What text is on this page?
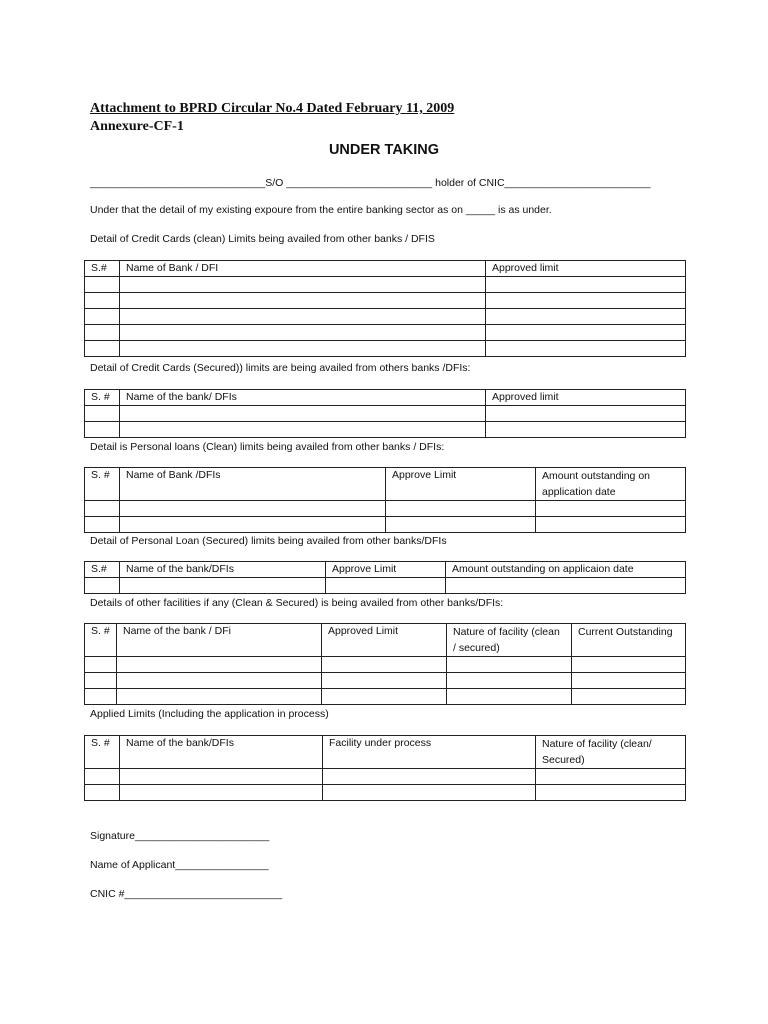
Attachment to BPRD Circular No.4 Dated February 11, 2009
Annexure-CF-1
UNDER TAKING
______________________________S/O _________________________ holder of CNIC_________________________
Under that the detail of my existing expoure from the entire banking sector as on _____ is as under.
Detail of Credit Cards (clean) Limits being availed from other banks / DFIS
S.#	Name of Bank / DFI	Approved limit

Detail of Credit Cards (Secured)) limits are being availed from others banks /DFIs:
S. #	Name of the bank/ DFIs	Approved limit

Detail is Personal loans (Clean) limits being availed from other banks / DFIs:
S. #	Name of Bank /DFIs	Approve Limit	Amount outstanding on application date

Detail of Personal Loan (Secured) limits being availed from other banks/DFIs
S.#	Name of the bank/DFIs	Approve Limit	Amount outstanding on applicaion date

Details of other facilities if any (Clean & Secured) is being availed from other banks/DFIs:
S. #	Name of the bank / DFi	Approved Limit	Nature of facility (clean / secured)	Current Outstanding

Applied Limits (Including the application in process)
S. #	Name of the bank/DFIs	Facility under process	Nature of facility (clean/ Secured)

Signature_______________________
Name of Applicant________________
CNIC #___________________________
